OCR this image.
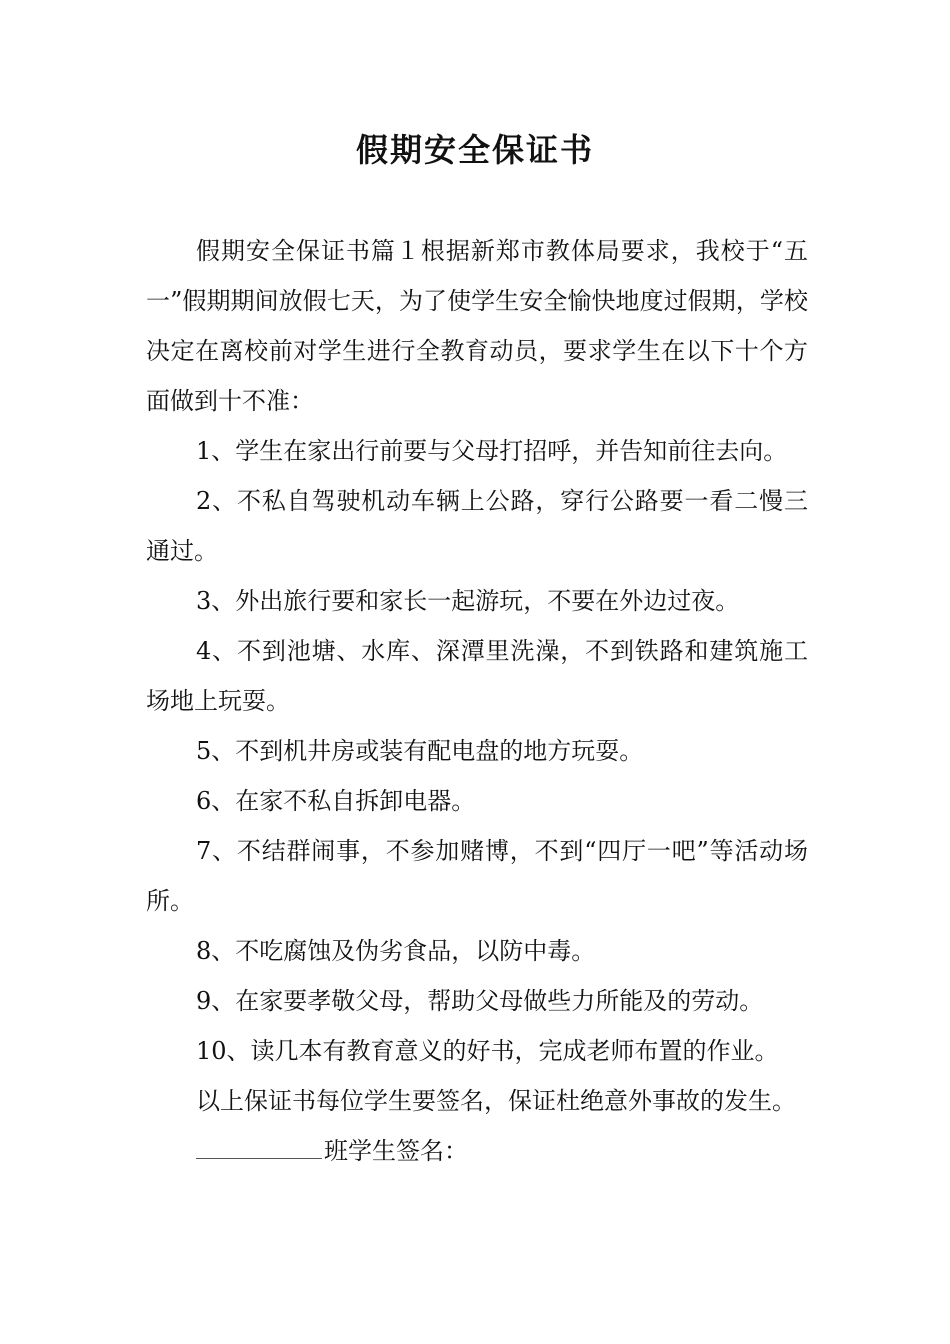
假期安全保证书

假期安全保证书篇１根据新郑市教体局要求，我校于“五一”假期期间放假七天，为了使学生安全愉快地度过假期，学校决定在离校前对学生进行全教育动员，要求学生在以下十个方面做到十不准：

1、学生在家出行前要与父母打招呼，并告知前往去向。

2、不私自驾驶机动车辆上公路，穿行公路要一看二慢三通过。

3、外出旅行要和家长一起游玩，不要在外边过夜。

4、不到池塘、水库、深潭里洗澡，不到铁路和建筑施工场地上玩耍。

5、不到机井房或装有配电盘的地方玩耍。

6、在家不私自拆卸电器。

7、不结群闹事，不参加赌博，不到“四厅一吧”等活动场所。

8、不吃腐蚀及伪劣食品，以防中毒。

9、在家要孝敬父母，帮助父母做些力所能及的劳动。

10、读几本有教育意义的好书，完成老师布置的作业。

以上保证书每位学生要签名，保证杜绝意外事故的发生。

班学生签名：
